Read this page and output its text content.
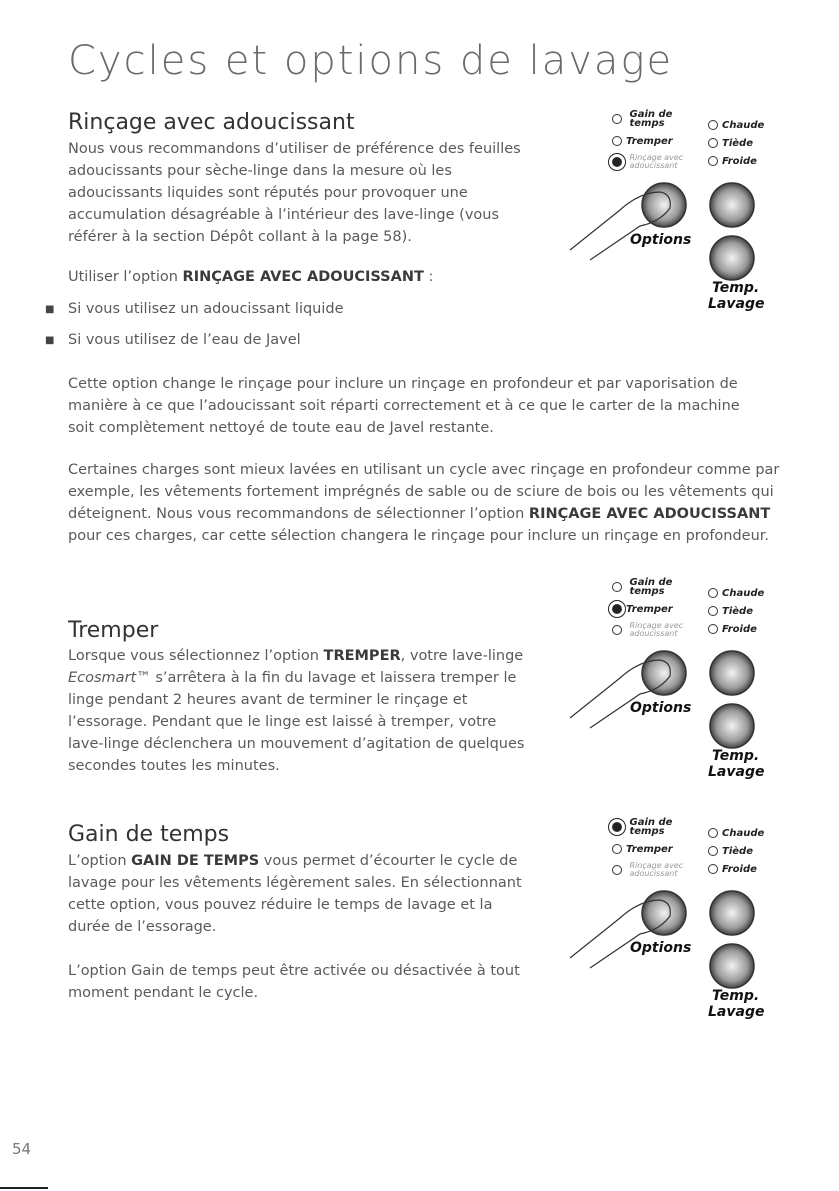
Cycles et options de lavage
Rinçage avec adoucissant

Nous vous recommandons d’utiliser de préférence des feuilles adoucissants pour sèche-linge dans la mesure où les adoucissants liquides sont réputés pour provoquer une accumulation désagréable à l’intérieur des lave-linge (vous référer à la section Dépôt collant à la page 58).

Utiliser l’option RINÇAGE AVEC ADOUCISSANT :

■ Si vous utilisez un adoucissant liquide
■ Si vous utilisez de l’eau de Javel

Cette option change le rinçage pour inclure un rinçage en profondeur et par vaporisation de manière à ce que l’adoucissant soit réparti correctement et à ce que le carter de la machine soit complètement nettoyé de toute eau de Javel restante.

Certaines charges sont mieux lavées en utilisant un cycle avec rinçage en profondeur comme par exemple, les vêtements fortement imprégnés de sable ou de sciure de bois ou les vêtements qui déteignent. Nous vous recommandons de sélectionner l’option RINÇAGE AVEC ADOUCISSANT pour ces charges, car cette sélection changera le rinçage pour inclure un rinçage en profondeur.

Tremper

Lorsque vous sélectionnez l’option TREMPER, votre lave-linge Ecosmart™ s’arrêtera à la fin du lavage et laissera tremper le linge pendant 2 heures avant de terminer le rinçage et l’essorage. Pendant que le linge est laissé à tremper, votre lave-linge déclenchera un mouvement d’agitation de quelques secondes toutes les minutes.

Gain de temps

L’option GAIN DE TEMPS vous permet d’écourter le cycle de lavage pour les vêtements légèrement sales. En sélectionnant cette option, vous pouvez réduire le temps de lavage et la durée de l’essorage.

L’option Gain de temps peut être activée ou désactivée à tout moment pendant le cycle.

Gain de
temps
Tremper
Rinçage avec
adoucissant
Chaude
Tiède
Froide
Options
Temp.
Lavage
Gain de
temps
Tremper
Rinçage avec
adoucissant
Chaude
Tiède
Froide
Options
Temp.
Lavage
Gain de
temps
Tremper
Rinçage avec
adoucissant
Chaude
Tiède
Froide
Options
Temp.
Lavage
54
